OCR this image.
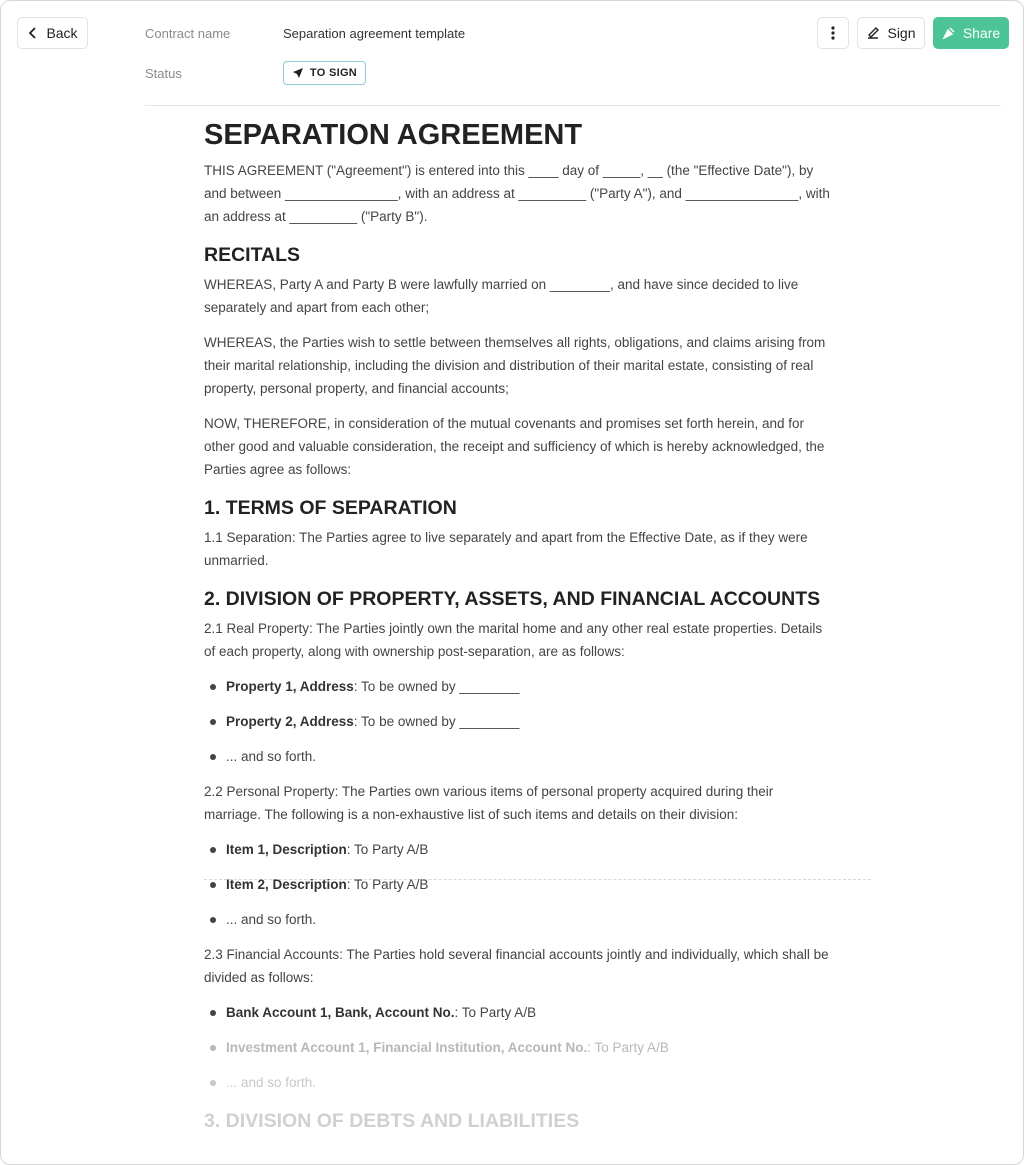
Back	Contract name	Separation agreement template
Status	TO SIGN
Sign	Share
SEPARATION AGREEMENT

THIS AGREEMENT ("Agreement") is entered into this ____ day of _____, __ (the "Effective Date"), by and between _______________, with an address at _________ ("Party A"), and _______________, with an address at _________ ("Party B").

RECITALS

WHEREAS, Party A and Party B were lawfully married on ________, and have since decided to live separately and apart from each other;

WHEREAS, the Parties wish to settle between themselves all rights, obligations, and claims arising from their marital relationship, including the division and distribution of their marital estate, consisting of real property, personal property, and financial accounts;

NOW, THEREFORE, in consideration of the mutual covenants and promises set forth herein, and for other good and valuable consideration, the receipt and sufficiency of which is hereby acknowledged, the Parties agree as follows:

1. TERMS OF SEPARATION

1.1 Separation: The Parties agree to live separately and apart from the Effective Date, as if they were unmarried.

2. DIVISION OF PROPERTY, ASSETS, AND FINANCIAL ACCOUNTS

2.1 Real Property: The Parties jointly own the marital home and any other real estate properties. Details of each property, along with ownership post-separation, are as follows:

Property 1, Address: To be owned by ________
Property 2, Address: To be owned by ________
... and so forth.

2.2 Personal Property: The Parties own various items of personal property acquired during their marriage. The following is a non-exhaustive list of such items and details on their division:

Item 1, Description: To Party A/B
Item 2, Description: To Party A/B
... and so forth.

2.3 Financial Accounts: The Parties hold several financial accounts jointly and individually, which shall be divided as follows:

Bank Account 1, Bank, Account No.: To Party A/B
Investment Account 1, Financial Institution, Account No.: To Party A/B
... and so forth.
3. DIVISION OF DEBTS AND LIABILITIES
